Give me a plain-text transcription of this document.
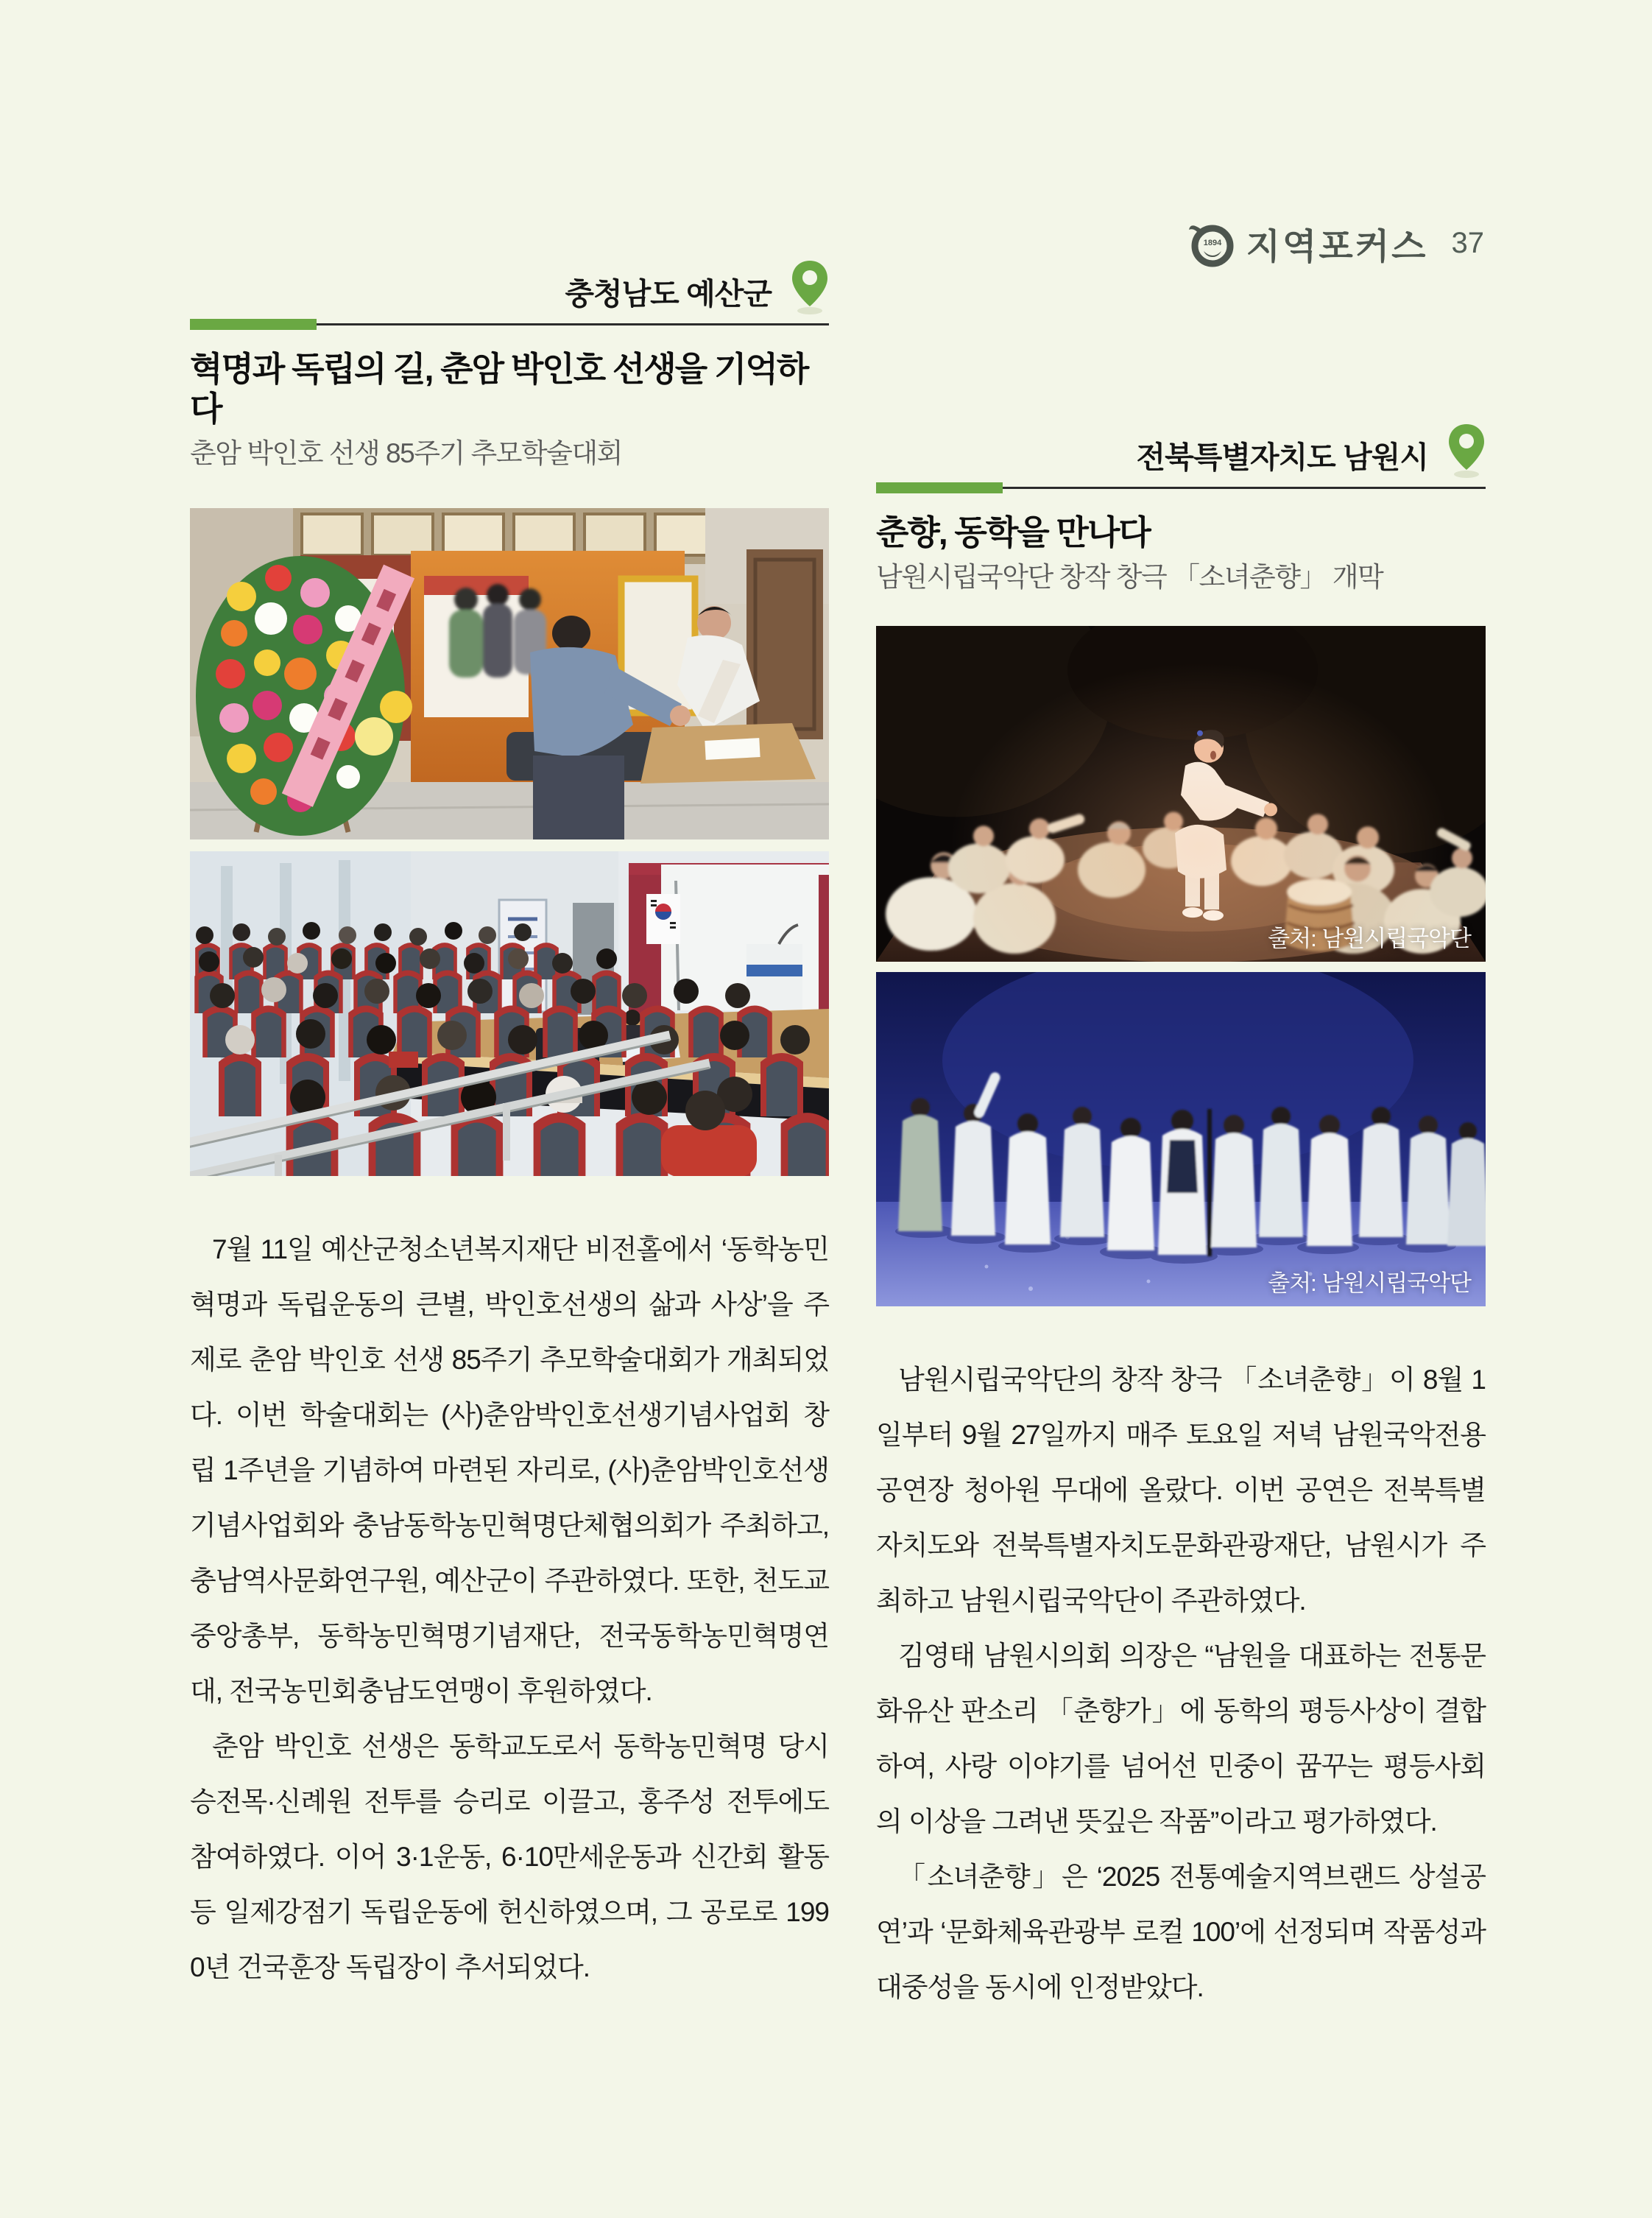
1894 지역포커스 37
충청남도 예산군
혁명과 독립의 길, 춘암 박인호 선생을 기억하다
춘암 박인호 선생 85주기 추모학술대회

7월 11일 예산군청소년복지재단 비전홀에서 ‘동학농민혁명과 독립운동의 큰별, 박인호선생의 삶과 사상’을 주제로 춘암 박인호 선생 85주기 추모학술대회가 개최되었다. 이번 학술대회는 (사)춘암박인호선생기념사업회 창립 1주년을 기념하여 마련된 자리로, (사)춘암박인호선생기념사업회와 충남동학농민혁명단체협의회가 주최하고, 충남역사문화연구원, 예산군이 주관하였다. 또한, 천도교 중앙총부, 동학농민혁명기념재단, 전국동학농민혁명연대, 전국농민회충남도연맹이 후원하였다.

춘암 박인호 선생은 동학교도로서 동학농민혁명 당시 승전목·신례원 전투를 승리로 이끌고, 홍주성 전투에도 참여하였다. 이어 3·1운동, 6·10만세운동과 신간회 활동 등 일제강점기 독립운동에 헌신하였으며, 그 공로로 1990년 건국훈장 독립장이 추서되었다.

전북특별자치도 남원시
춘향, 동학을 만나다
남원시립국악단 창작 창극 「소녀춘향」 개막
출처: 남원시립국악단
출처: 남원시립국악단

남원시립국악단의 창작 창극 「소녀춘향」이 8월 1일부터 9월 27일까지 매주 토요일 저녁 남원국악전용공연장 청아원 무대에 올랐다. 이번 공연은 전북특별자치도와 전북특별자치도문화관광재단, 남원시가 주최하고 남원시립국악단이 주관하였다.

김영태 남원시의회 의장은 “남원을 대표하는 전통문화유산 판소리 「춘향가」에 동학의 평등사상이 결합하여, 사랑 이야기를 넘어선 민중이 꿈꾸는 평등사회의 이상을 그려낸 뜻깊은 작품”이라고 평가하였다.

「소녀춘향」은 ‘2025 전통예술지역브랜드 상설공연’과 ‘문화체육관광부 로컬 100’에 선정되며 작품성과 대중성을 동시에 인정받았다.
